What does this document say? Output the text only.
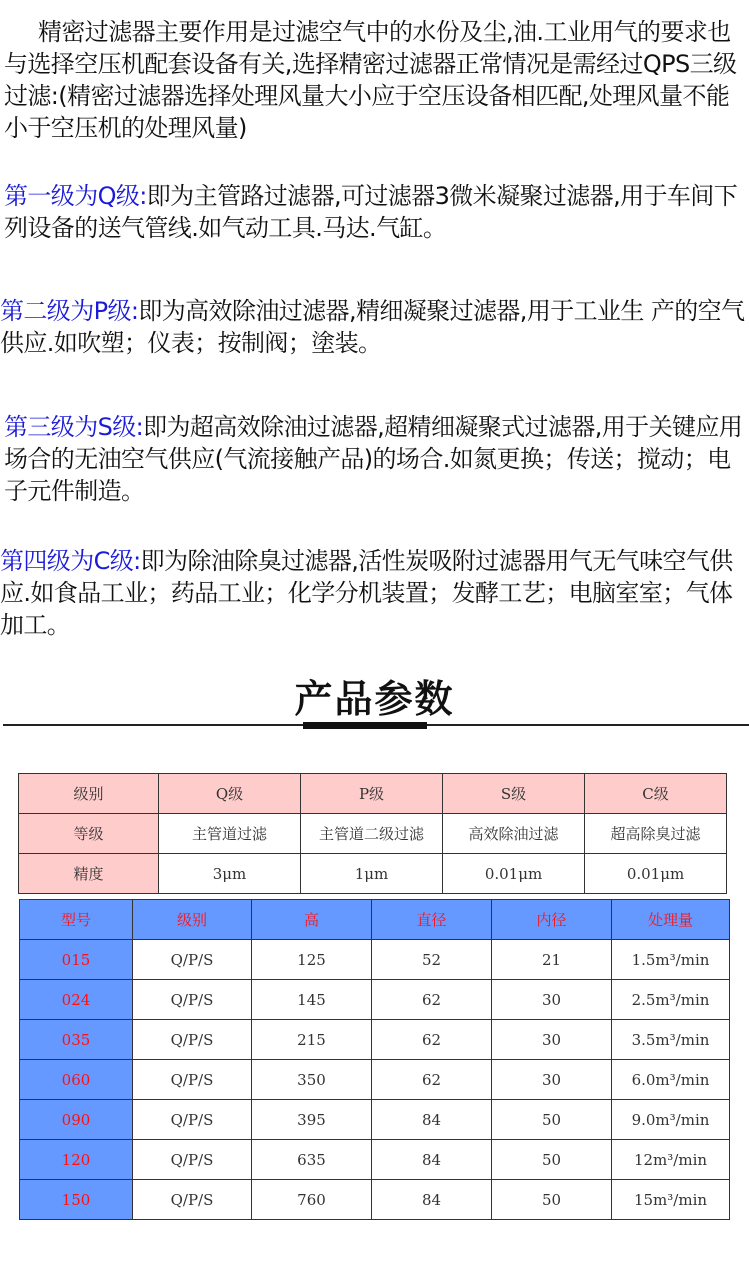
精密过滤器主要作用是过滤空气中的水份及尘,油.工业用气的要求也与选择空压机配套设备有关,选择精密过滤器正常情况是需经过QPS三级过滤:(精密过滤器选择处理风量大小应于空压设备相匹配,处理风量不能小于空压机的处理风量)
第一级为Q级:即为主管路过滤器,可过滤器3微米凝聚过滤器,用于车间下列设备的送气管线.如气动工具.马达.气缸。
第二级为P级:即为高效除油过滤器,精细凝聚过滤器,用于工业生 产的空气供应.如吹塑；仪表；按制阀；塗装。
第三级为S级:即为超高效除油过滤器,超精细凝聚式过滤器,用于关键应用场合的无油空气供应(气流接触产品)的场合.如氮更换；传送；搅动；电子元件制造。
第四级为C级:即为除油除臭过滤器,活性炭吸附过滤器用气无气味空气供应.如食品工业；药品工业；化学分机装置；发酵工艺；电脑室室；气体加工。
产品参数
级别	Q级	P级	S级	C级
等级	主管道过滤	主管道二级过滤	高效除油过滤	超高除臭过滤
精度	3μm	1μm	0.01μm	0.01μm
型号	级别	高	直径	内径	处理量
015	Q/P/S	125	52	21	1.5m³/min
024	Q/P/S	145	62	30	2.5m³/min
035	Q/P/S	215	62	30	3.5m³/min
060	Q/P/S	350	62	30	6.0m³/min
090	Q/P/S	395	84	50	9.0m³/min
120	Q/P/S	635	84	50	12m³/min
150	Q/P/S	760	84	50	15m³/min
